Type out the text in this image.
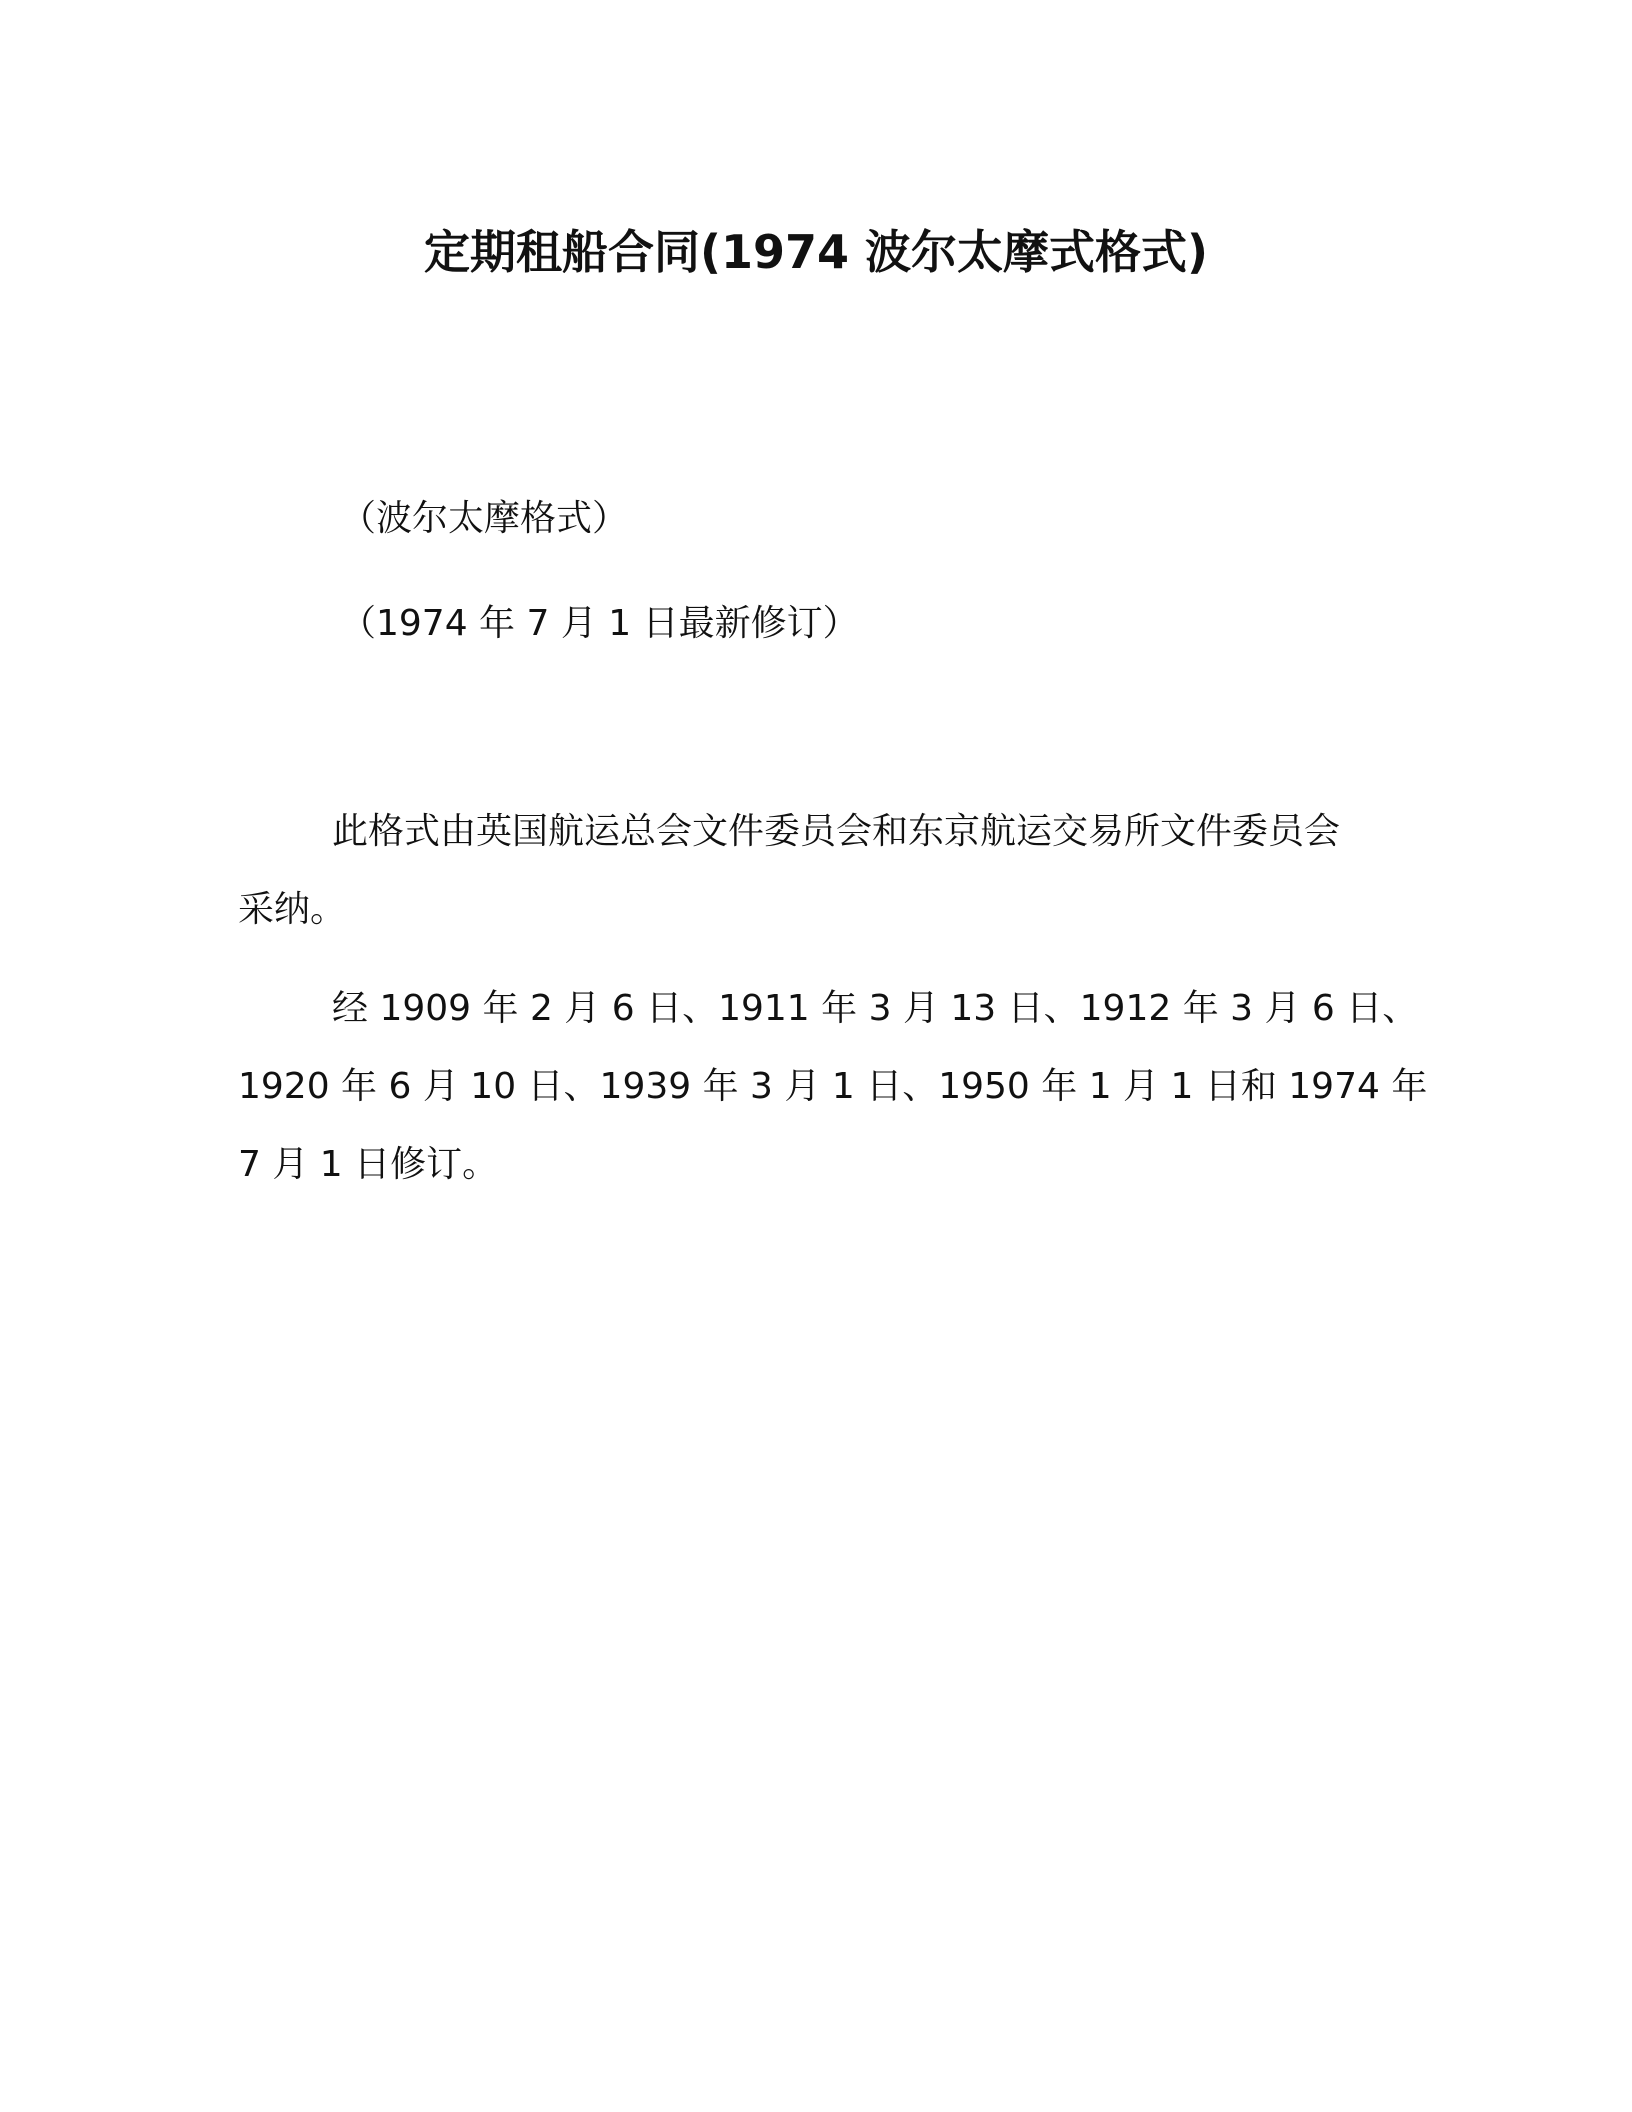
定期租船合同(1974 波尔太摩式格式)
（波尔太摩格式）
（1974 年 7 月 1 日最新修订）
此格式由英国航运总会文件委员会和东京航运交易所文件委员会
采纳。
经 1909 年 2 月 6 日、1911 年 3 月 13 日、1912 年 3 月 6 日、
1920 年 6 月 10 日、1939 年 3 月 1 日、1950 年 1 月 1 日和 1974 年
7 月 1 日修订。
